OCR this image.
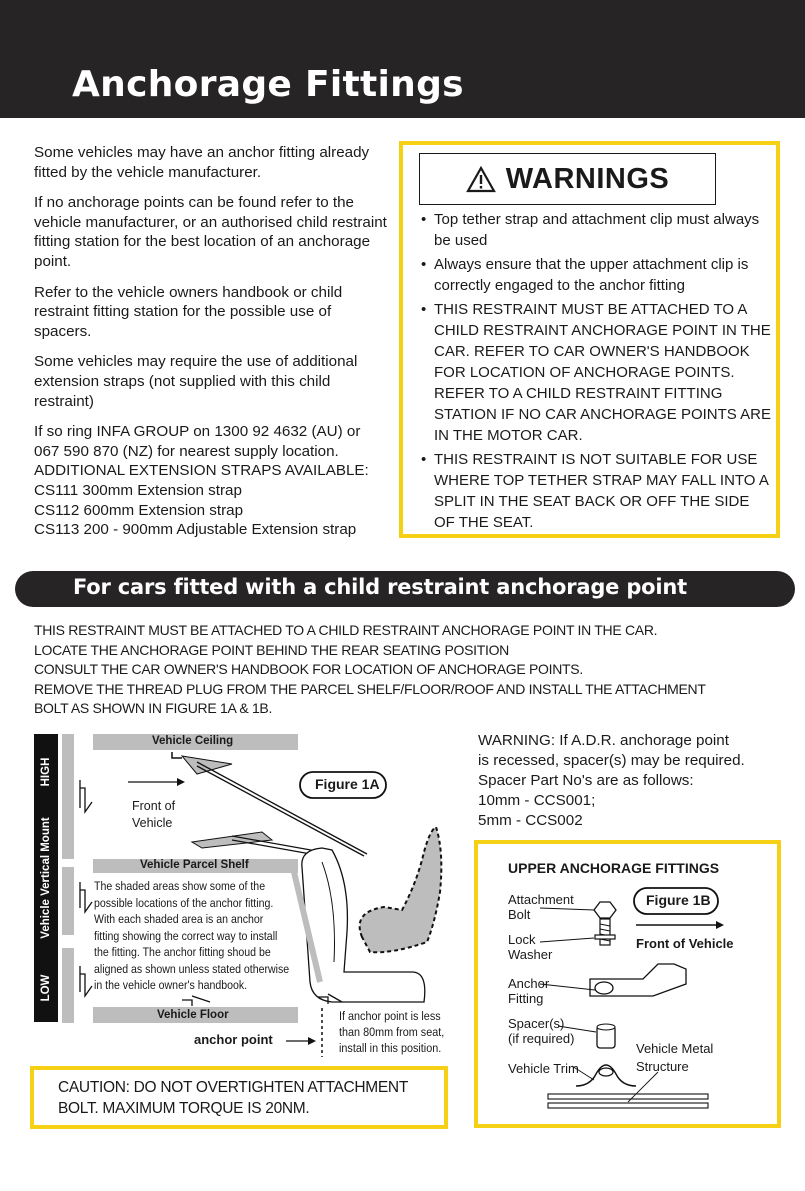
Anchorage Fittings

Some vehicles may have an anchor fitting already fitted by the vehicle manufacturer.

If no anchorage points can be found refer to the vehicle manufacturer, or an authorised child restraint fitting station for the best location of an anchorage point.

Refer to the vehicle owners handbook or child restraint fitting station for the possible use of spacers.

Some vehicles may require the use of additional extension straps (not supplied with this child restraint)

If so ring INFA GROUP on 1300 92 4632 (AU) or
067 590 870 (NZ) for nearest supply location.
ADDITIONAL EXTENSION STRAPS AVAILABLE:
CS111 300mm Extension strap
CS112 600mm Extension strap
CS113 200 - 900mm Adjustable Extension strap
WARNINGS
• Top tether strap and attachment clip must always be used
• Always ensure that the upper attachment clip is correctly engaged to the anchor fitting
• THIS RESTRAINT MUST BE ATTACHED TO A CHILD RESTRAINT ANCHORAGE POINT IN THE CAR. REFER TO CAR OWNER'S HANDBOOK FOR LOCATION OF ANCHORAGE POINTS. REFER TO A CHILD RESTRAINT FITTING STATION IF NO CAR ANCHORAGE POINTS ARE IN THE MOTOR CAR.
• THIS RESTRAINT IS NOT SUITABLE FOR USE WHERE TOP TETHER STRAP MAY FALL INTO A SPLIT IN THE SEAT BACK OR OFF THE SIDE OF THE SEAT.
For cars fitted with a child restraint anchorage point
THIS RESTRAINT MUST BE ATTACHED TO A CHILD RESTRAINT ANCHORAGE POINT IN THE CAR.
LOCATE THE ANCHORAGE POINT BEHIND THE REAR SEATING POSITION
CONSULT THE CAR OWNER'S HANDBOOK FOR LOCATION OF ANCHORAGE POINTS.
REMOVE THE THREAD PLUG FROM THE PARCEL SHELF/FLOOR/ROOF AND INSTALL THE ATTACHMENT
BOLT AS SHOWN IN FIGURE 1A & 1B.
Figure 1A
Vehicle Vertical Mount
HIGH
LOW
Vehicle Ceiling
Vehicle Parcel Shelf
Vehicle Floor
Front of
Vehicle
The shaded areas show some of the
possible locations of the anchor fitting.
With each shaded area is an anchor
fitting showing the correct way to install
the fitting. The anchor fitting shoud be
aligned as shown unless stated otherwise
in the vehicle owner's handbook.
anchor point
If anchor point is less
than 80mm from seat,
install in this position.
WARNING: If A.D.R. anchorage point
is recessed, spacer(s) may be required.
Spacer Part No's are as follows:
10mm - CCS001;
5mm - CCS002
UPPER ANCHORAGE FITTINGS
Figure 1B
Front of Vehicle
Attachment
Bolt
Lock
Washer
Anchor
Fitting
Spacer(s)
(if required)
Vehicle Trim
Vehicle Metal
Structure
CAUTION: DO NOT OVERTIGHTEN ATTACHMENT
BOLT. MAXIMUM TORQUE IS 20NM.
